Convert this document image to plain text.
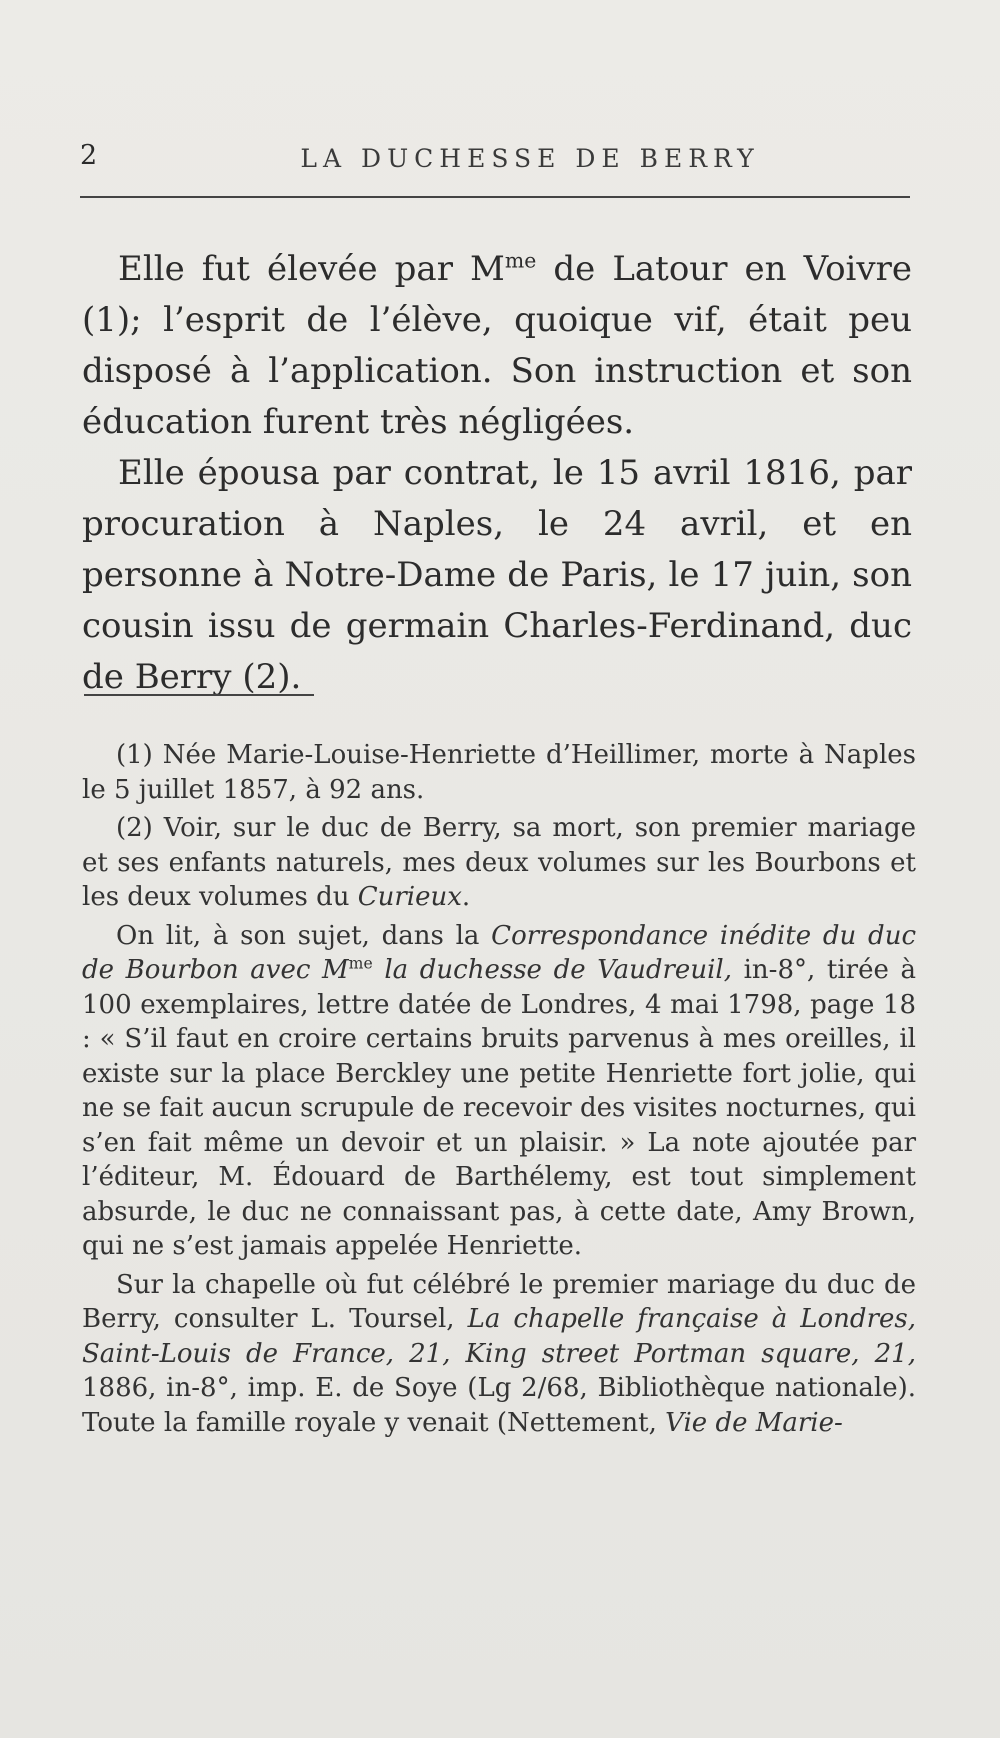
2	LA DUCHESSE DE BERRY

Elle fut élevée par $M^{me}$ de Latour en Voivre (1); l’esprit de l’élève, quoique vif, était peu disposé à l’application. Son instruction et son éducation furent très négligées.

Elle épousa par contrat, le 15 avril 1816, par procuration à Naples, le 24 avril, et en personne à Notre-Dame de Paris, le 17 juin, son cousin issu de germain Charles-Ferdinand, duc de Berry (2).

(1) Née Marie-Louise-Henriette d’Heillimer, morte à Naples le 5 juillet 1857, à 92 ans.

(2) Voir, sur le duc de Berry, sa mort, son premier mariage et ses enfants naturels, mes deux volumes sur les Bourbons et les deux volumes du Curieux.

On lit, à son sujet, dans la Correspondance inédite du duc de Bourbon avec $M^{me}$ la duchesse de Vaudreuil, in-8°, tirée à 100 exemplaires, lettre datée de Londres, 4 mai 1798, page 18 : « S’il faut en croire certains bruits parvenus à mes oreilles, il existe sur la place Berckley une petite Henriette fort jolie, qui ne se fait aucun scrupule de recevoir des visites nocturnes, qui s’en fait même un devoir et un plaisir. » La note ajoutée par l’éditeur, M. Édouard de Barthélemy, est tout simplement absurde, le duc ne connaissant pas, à cette date, Amy Brown, qui ne s’est jamais appelée Henriette.

Sur la chapelle où fut célébré le premier mariage du duc de Berry, consulter L. Toursel, La chapelle française à Londres, Saint-Louis de France, 21, King street Portman square, 21, 1886, in-8°, imp. E. de Soye (Lg 2/68, Bibliothèque nationale). Toute la famille royale y venait (Nettement, Vie de Marie-
